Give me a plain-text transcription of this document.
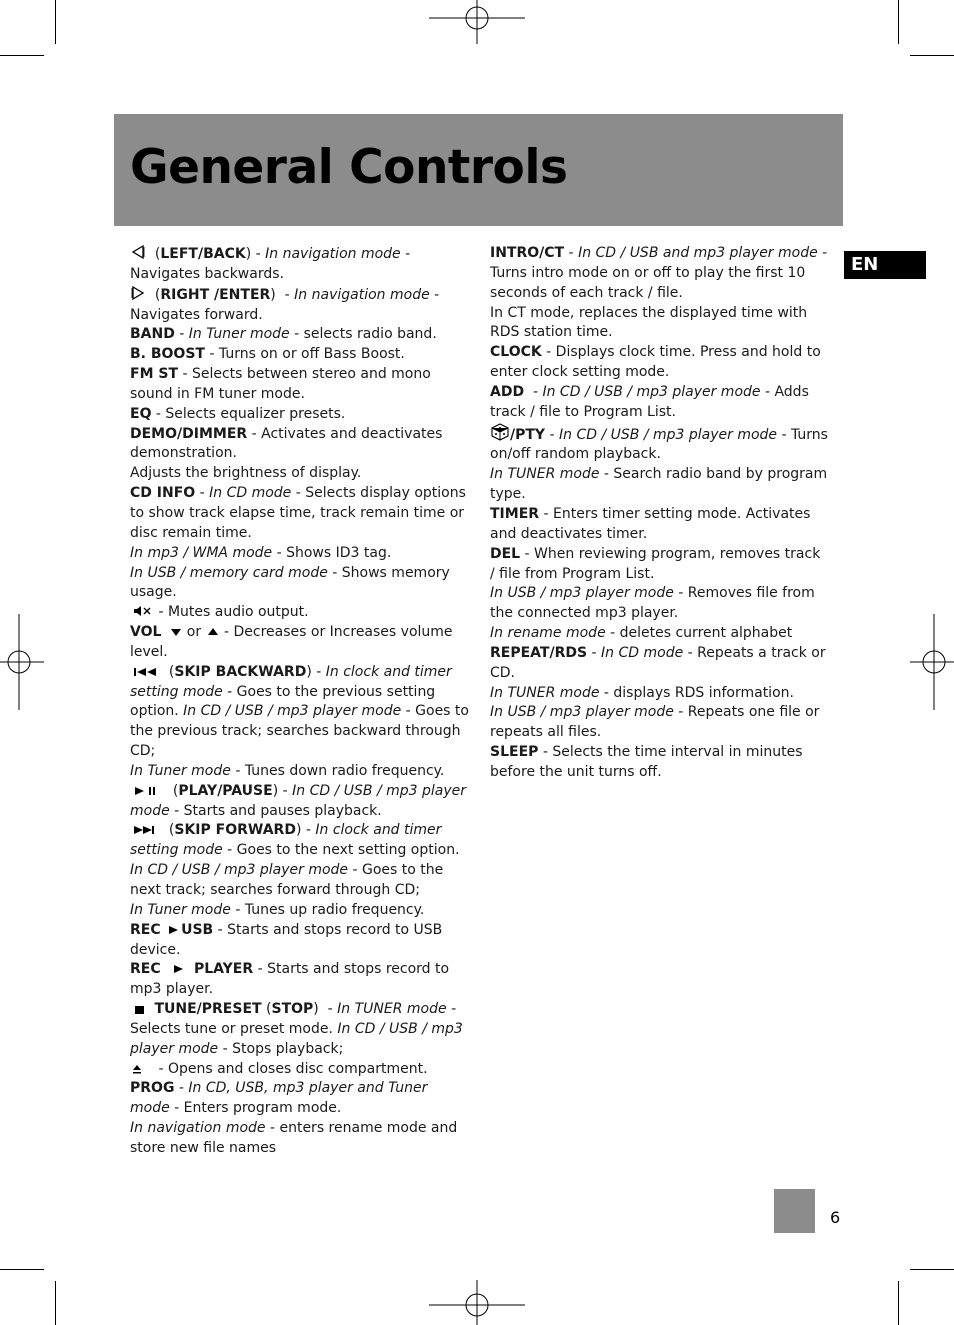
General Controls
EN

(LEFT/BACK) - In navigation mode - Navigates backwards.

(RIGHT /ENTER)  - In navigation mode - Navigates forward.

BAND - In Tuner mode - selects radio band.

B. BOOST - Turns on or off Bass Boost.

FM ST - Selects between stereo and mono sound in FM tuner mode.

EQ - Selects equalizer presets.

DEMO/DIMMER - Activates and deactivates demonstration.

Adjusts the brightness of display.

CD INFO - In CD mode - Selects display options to show track elapse time, track remain time or disc remain time.

In mp3 / WMA mode - Shows ID3 tag.

In USB / memory card mode - Shows memory usage.

- Mutes audio output.

VOL   or  - Decreases or Increases volume level.

(SKIP BACKWARD) - In clock and timer setting mode - Goes to the previous setting option. In CD / USB / mp3 player mode - Goes to the previous track; searches backward through CD;

In Tuner mode - Tunes down radio frequency.

(PLAY/PAUSE) - In CD / USB / mp3 player mode - Starts and pauses playback.

(SKIP FORWARD) - In clock and timer setting mode - Goes to the next setting option. In CD / USB / mp3 player mode - Goes to the next track; searches forward through CD;

In Tuner mode - Tunes up radio frequency.

REC USB - Starts and stops record to USB device.

REC PLAYER - Starts and stops record to mp3 player.

TUNE/PRESET (STOP)  - In TUNER mode - Selects tune or preset mode. In CD / USB / mp3 player mode - Stops playback;

- Opens and closes disc compartment.

PROG - In CD, USB, mp3 player and Tuner mode - Enters program mode.

In navigation mode - enters rename mode and store new file names

INTRO/CT - In CD / USB and mp3 player mode - Turns intro mode on or off to play the first 10 seconds of each track / file.

In CT mode, replaces the displayed time with RDS station time.

CLOCK - Displays clock time. Press and hold to enter clock setting mode.

ADD  - In CD / USB / mp3 player mode - Adds track / file to Program List.

/PTY - In CD / USB / mp3 player mode - Turns on/off random playback.

In TUNER mode - Search radio band by program type.

TIMER - Enters timer setting mode. Activates and deactivates timer.

DEL - When reviewing program, removes track / file from Program List.

In USB / mp3 player mode - Removes file from the connected mp3 player.

In rename mode - deletes current alphabet

REPEAT/RDS - In CD mode - Repeats a track or CD.

In TUNER mode - displays RDS information.

In USB / mp3 player mode - Repeats one file or repeats all files.

SLEEP - Selects the time interval in minutes before the unit turns off.

6
